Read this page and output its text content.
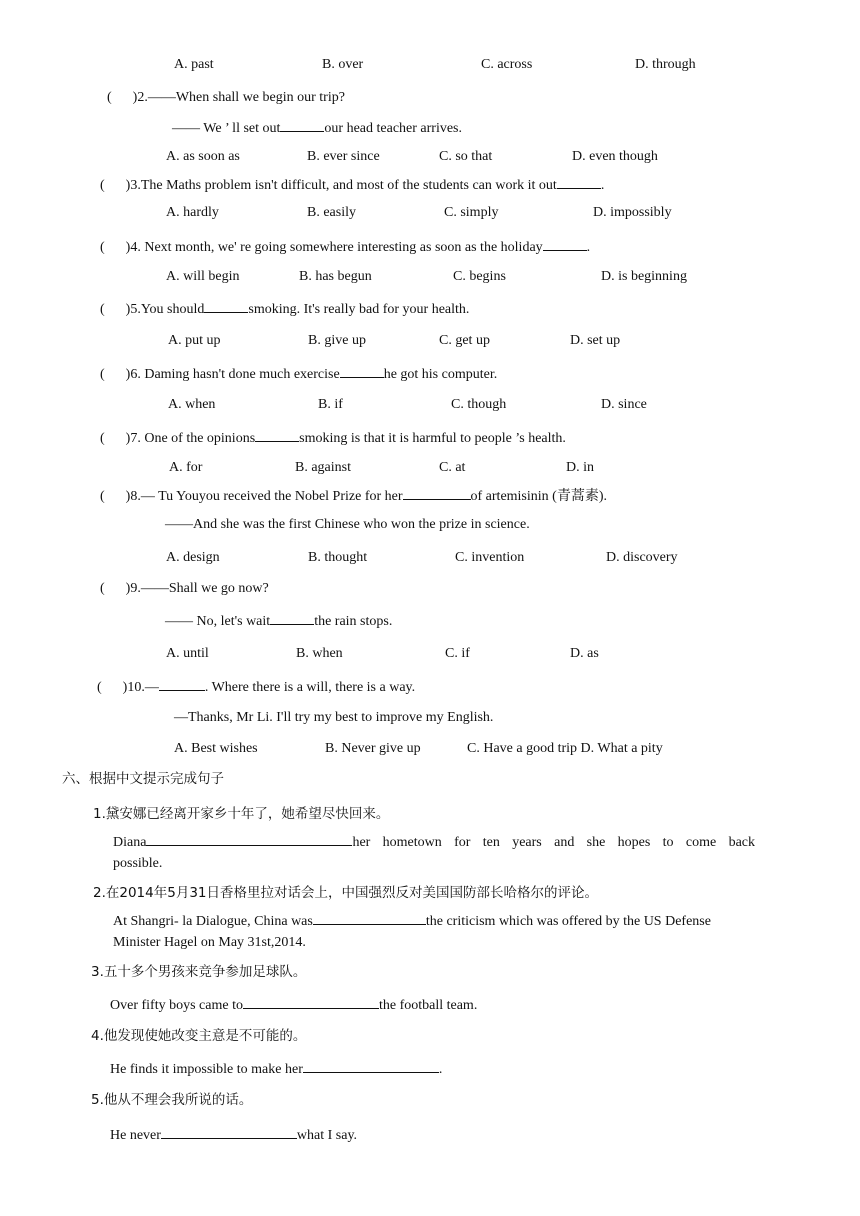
A. past	B. over	C. across	D. through
(      )2.——When shall we begin our trip?
—— We ’ ll set out	our head teacher arrives.
A. as soon as	B. ever since	C. so that	D. even though
(      )3.The Maths problem isn't difficult, and most of the students can work it out	.
A. hardly	B. easily	C. simply	D. impossibly
(      )4. Next month, we' re going somewhere interesting as soon as the holiday	.
A. will begin	B. has begun	C. begins	D. is beginning
(      )5.You should	smoking. It's really bad for your health.
A. put up	B. give up	C. get up	D. set up
(      )6. Daming hasn't done much exercise	he got his computer.
A. when	B. if	C. though	D. since
(      )7. One of the opinions	smoking is that it is harmful to people ’s health.
A. for	B. against	C. at	D. in
(      )8.— Tu Youyou received the Nobel Prize for her	of artemisinin (青蒿素).
——And she was the first Chinese who won the prize in science.
A. design	B. thought	C. invention	D. discovery
(      )9.——Shall we go now?
—— No, let's wait	the rain stops.
A. until	B. when	C. if	D. as
(      )10.—	. Where there is a will, there is a way.
—Thanks, Mr Li. I'll try my best to improve my English.
A. Best wishes	B. Never give up	C. Have a good trip D. What a pity
六、根据中文提示完成句子
1.黛安娜已经离开家乡十年了，她希望尽快回来。
Diana	her hometown for ten years and she hopes to come back
possible.
2.在2014年5月31日香格里拉对话会上，中国强烈反对美国国防部长哈格尔的评论。
At Shangri- la Dialogue, China was	the criticism which was offered by the US Defense
Minister Hagel on May 31st,2014.
3.五十多个男孩来竞争参加足球队。
Over fifty boys came to	the football team.
4.他发现使她改变主意是不可能的。
He finds it impossible to make her	.
5.他从不理会我所说的话。
He never	what I say.
